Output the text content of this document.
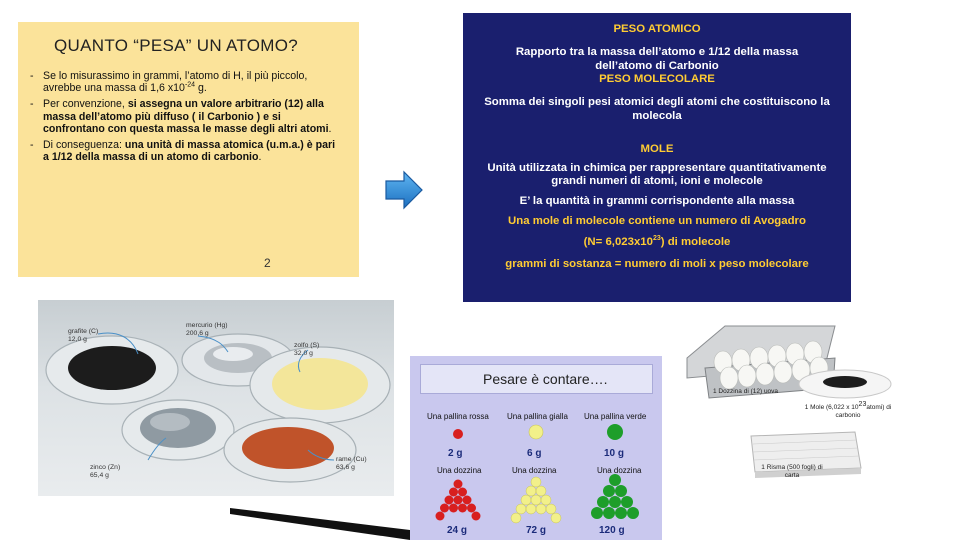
QUANTO “PESA” UN ATOMO?
- Se lo misurassimo in grammi, l’atomo di H, il più piccolo, avrebbe una massa di 1,6 $x10^{-24}$ g.
- Per convenzione, si assegna un valore arbitrario (12) alla massa dell’atomo più diffuso ( il Carbonio ) e si confrontano con questa massa le masse degli altri atomi.
- Di conseguenza: una unità di massa atomica (u.m.a.) è pari a 1/12 della massa di un atomo di carbonio.
2

PESO ATOMICO

Rapporto tra la massa dell’atomo e 1/12 della massa dell’atomo di Carbonio

PESO MOLECOLARE

Somma dei singoli pesi atomici degli atomi che costituiscono la molecola

MOLE

Unità utilizzata in chimica per rappresentare quantitativamente grandi numeri di atomi, ioni e molecole

E’ la quantità in grammi corrispondente alla massa

Una mole di molecole contiene un numero di Avogadro

$(N= 6,023x10^{23})$ di molecole

grammi di sostanza = numero di moli x peso molecolare

grafite (C)
12,0 g
mercurio (Hg)
200,6 g
zolfo (S)
32,0 g
zinco (Zn)
65,4 g
rame (Cu)
63,6 g
Pesare è contare….
Una pallina rossa Una pallina gialla Una pallina verde
2 g	6 g	10 g
Una dozzina	Una dozzina	Una dozzina
24 g	72 g	120 g
1 Dozzina di (12) uova
1 Mole (6,022 x $10^{23}atomi$) di carbonio
1 Risma (500 fogli) di carta
